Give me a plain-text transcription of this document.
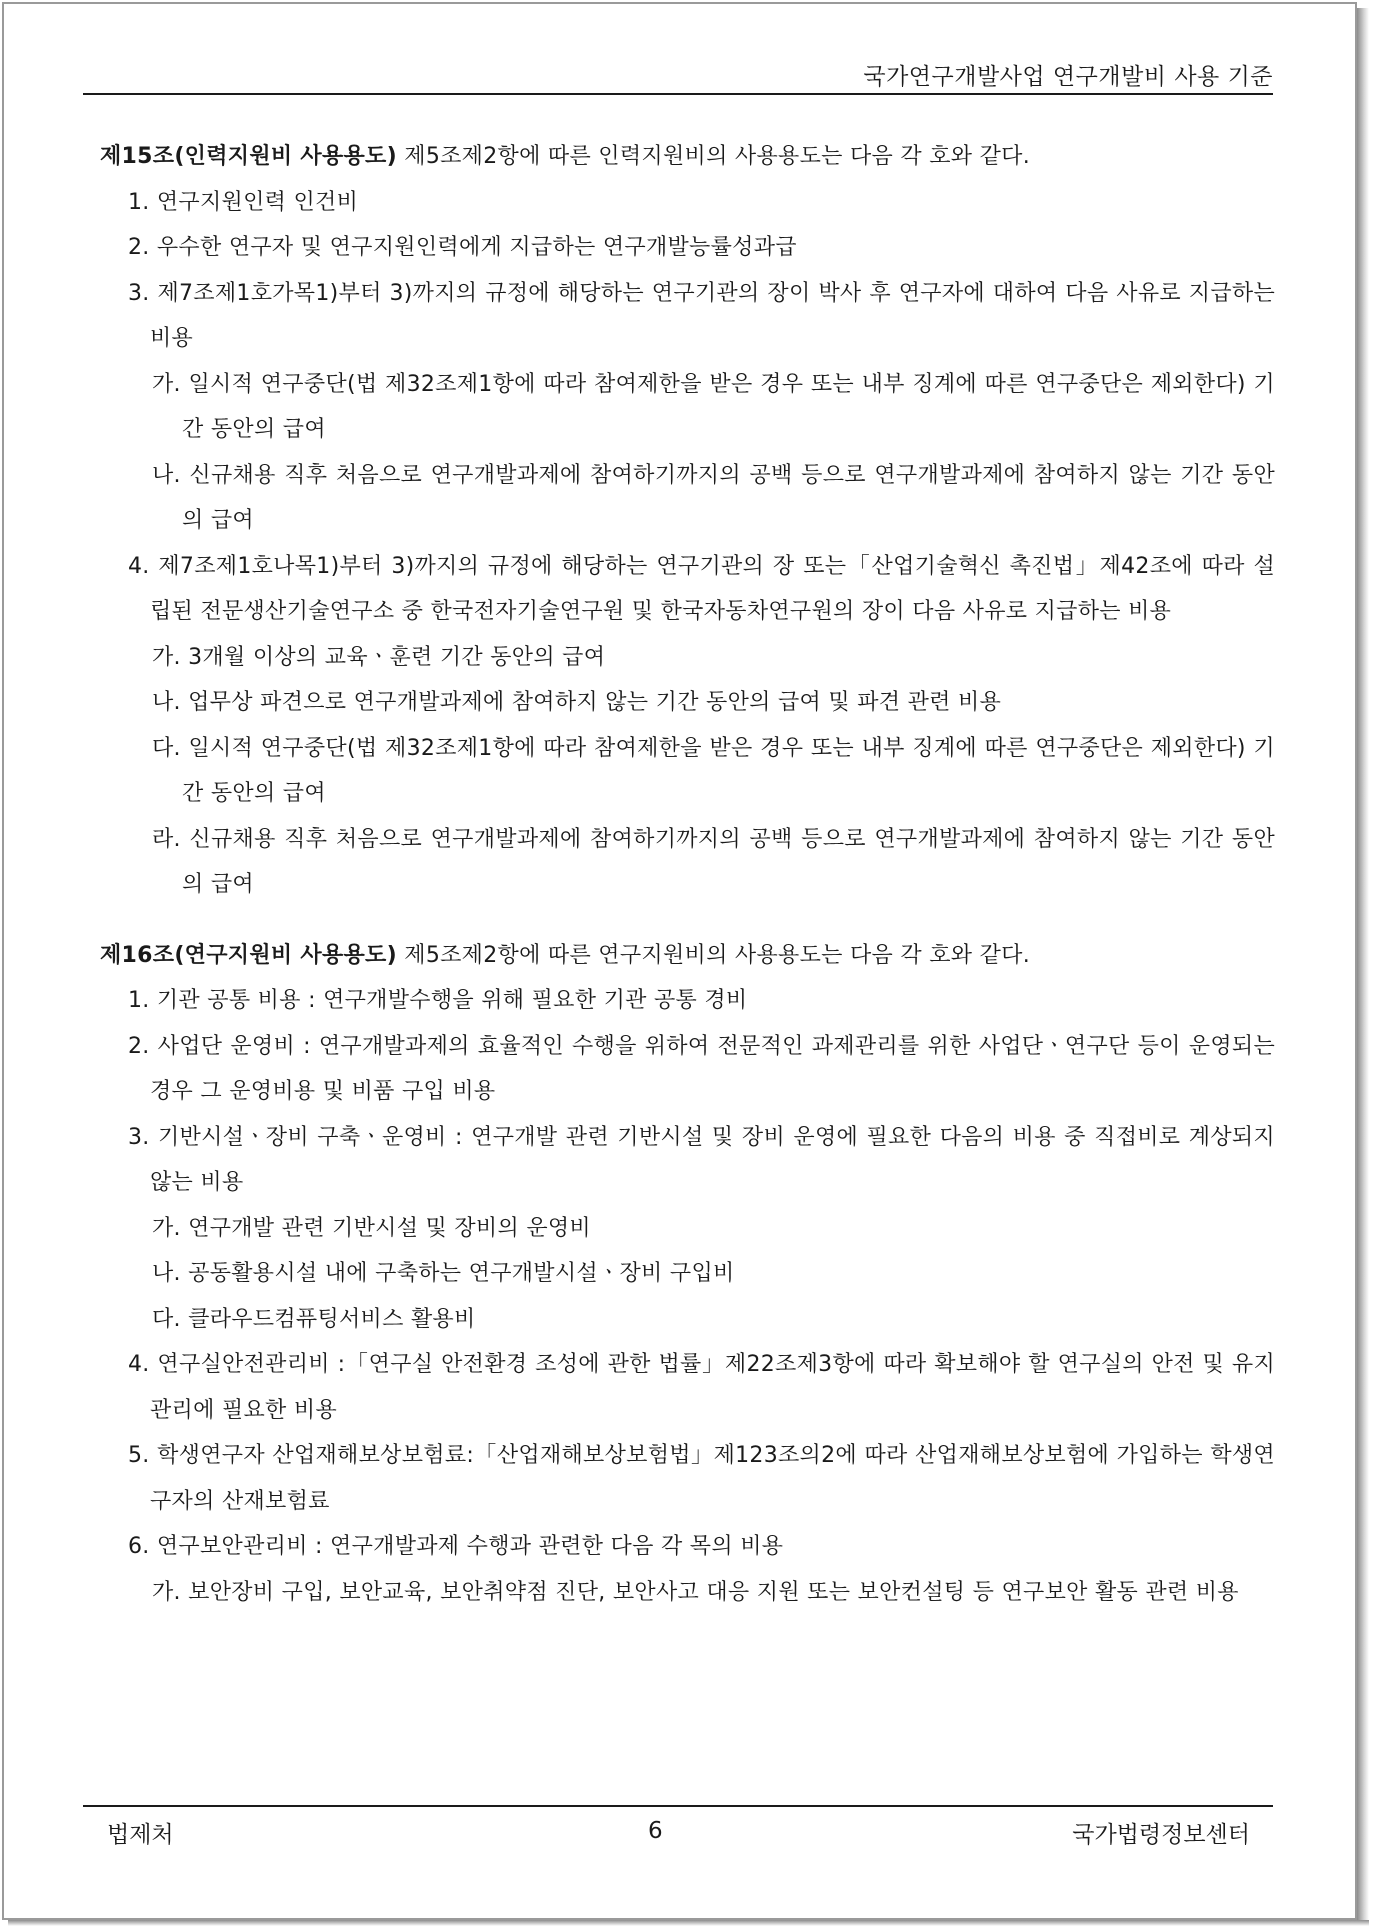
국가연구개발사업 연구개발비 사용 기준

제15조(인력지원비 사용용도) 제5조제2항에 따른 인력지원비의 사용용도는 다음 각 호와 같다.

1. 연구지원인력 인건비

2. 우수한 연구자 및 연구지원인력에게 지급하는 연구개발능률성과급

3. 제7조제1호가목1)부터 3)까지의 규정에 해당하는 연구기관의 장이 박사 후 연구자에 대하여 다음 사유로 지급하는 비용

가. 일시적 연구중단(법 제32조제1항에 따라 참여제한을 받은 경우 또는 내부 징계에 따른 연구중단은 제외한다) 기간 동안의 급여

나. 신규채용 직후 처음으로 연구개발과제에 참여하기까지의 공백 등으로 연구개발과제에 참여하지 않는 기간 동안의 급여

4. 제7조제1호나목1)부터 3)까지의 규정에 해당하는 연구기관의 장 또는「산업기술혁신 촉진법」제42조에 따라 설립된 전문생산기술연구소 중 한국전자기술연구원 및 한국자동차연구원의 장이 다음 사유로 지급하는 비용

가. 3개월 이상의 교육ㆍ훈련 기간 동안의 급여

나. 업무상 파견으로 연구개발과제에 참여하지 않는 기간 동안의 급여 및 파견 관련 비용

다. 일시적 연구중단(법 제32조제1항에 따라 참여제한을 받은 경우 또는 내부 징계에 따른 연구중단은 제외한다) 기간 동안의 급여

라. 신규채용 직후 처음으로 연구개발과제에 참여하기까지의 공백 등으로 연구개발과제에 참여하지 않는 기간 동안의 급여

제16조(연구지원비 사용용도) 제5조제2항에 따른 연구지원비의 사용용도는 다음 각 호와 같다.

1. 기관 공통 비용 : 연구개발수행을 위해 필요한 기관 공통 경비

2. 사업단 운영비 : 연구개발과제의 효율적인 수행을 위하여 전문적인 과제관리를 위한 사업단ㆍ연구단 등이 운영되는 경우 그 운영비용 및 비품 구입 비용

3. 기반시설ㆍ장비 구축ㆍ운영비 : 연구개발 관련 기반시설 및 장비 운영에 필요한 다음의 비용 중 직접비로 계상되지 않는 비용

가. 연구개발 관련 기반시설 및 장비의 운영비

나. 공동활용시설 내에 구축하는 연구개발시설ㆍ장비 구입비

다. 클라우드컴퓨팅서비스 활용비

4. 연구실안전관리비 :「연구실 안전환경 조성에 관한 법률」제22조제3항에 따라 확보해야 할 연구실의 안전 및 유지관리에 필요한 비용

5. 학생연구자 산업재해보상보험료:「산업재해보상보험법」제123조의2에 따라 산업재해보상보험에 가입하는 학생연구자의 산재보험료

6. 연구보안관리비 : 연구개발과제 수행과 관련한 다음 각 목의 비용

가. 보안장비 구입, 보안교육, 보안취약점 진단, 보안사고 대응 지원 또는 보안컨설팅 등 연구보안 활동 관련 비용

법제처	6	국가법령정보센터
